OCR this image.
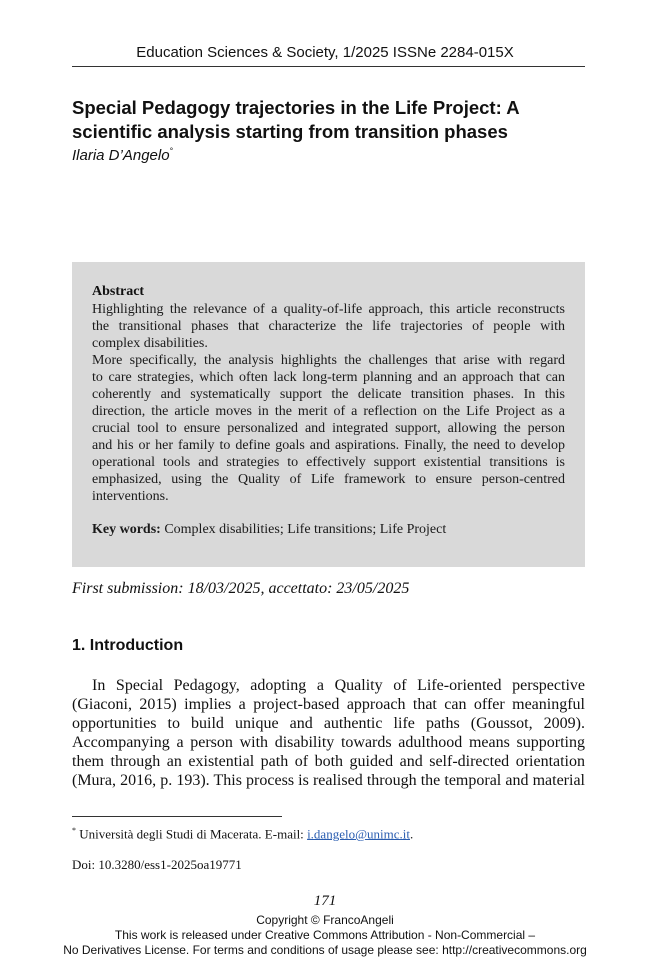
Education Sciences & Society, 1/2025 ISSNe 2284-015X
Special Pedagogy trajectories in the Life Project: A scientific analysis starting from transition phases
Ilaria D’Angelo°
Abstract
Highlighting the relevance of a quality-of-life approach, this article reconstructs
the transitional phases that characterize the life trajectories of people with
complex disabilities.
More specifically, the analysis highlights the challenges that arise with regard
to care strategies, which often lack long-term planning and an approach that can
coherently and systematically support the delicate transition phases. In this
direction, the article moves in the merit of a reflection on the Life Project as a
crucial tool to ensure personalized and integrated support, allowing the person
and his or her family to define goals and aspirations. Finally, the need to develop
operational tools and strategies to effectively support existential transitions is
emphasized, using the Quality of Life framework to ensure person-centred
interventions.
Key words: Complex disabilities; Life transitions; Life Project
First submission: 18/03/2025, accettato: 23/05/2025
1. Introduction
In Special Pedagogy, adopting a Quality of Life-oriented perspective
(Giaconi, 2015) implies a project-based approach that can offer meaningful
opportunities to build unique and authentic life paths (Goussot, 2009).
Accompanying a person with disability towards adulthood means supporting
them through an existential path of both guided and self-directed orientation
(Mura, 2016, p. 193). This process is realised through the temporal and material
* Università degli Studi di Macerata. E-mail: i.dangelo@unimc.it.
Doi: 10.3280/ess1-2025oa19771
171
Copyright © FrancoAngeli
This work is released under Creative Commons Attribution - Non-Commercial –
No Derivatives License. For terms and conditions of usage please see: http://creativecommons.org
